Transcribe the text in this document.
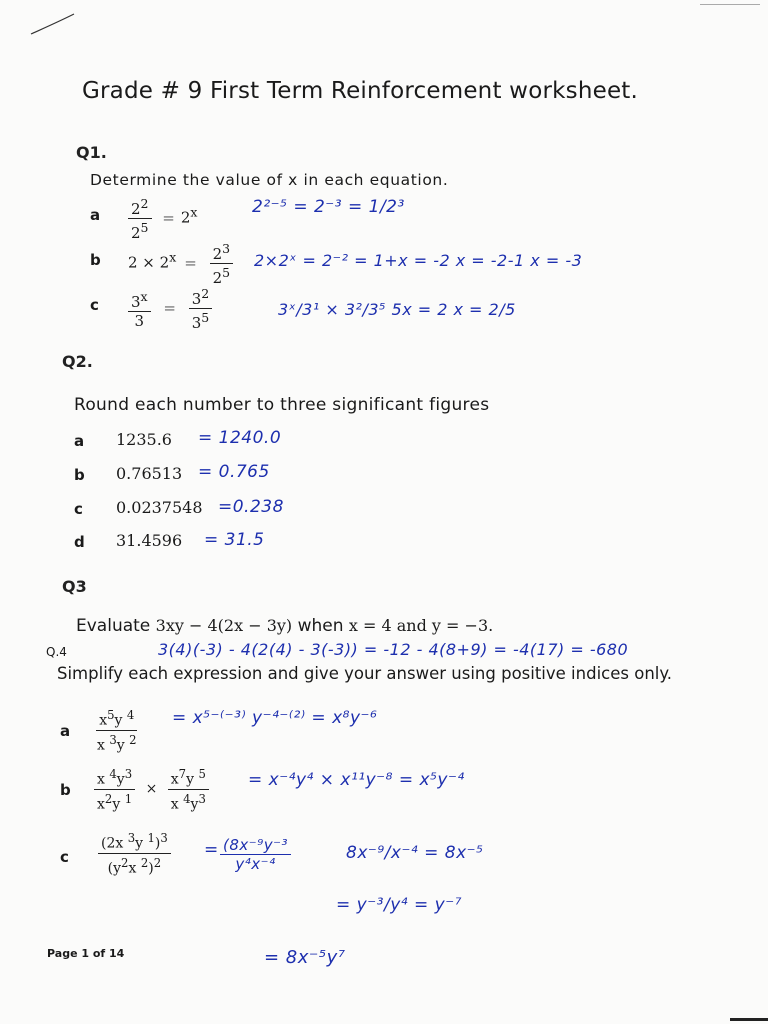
Grade # 9 First Term Reinforcement worksheet.
Q1.
Determine the value of x in each equation.
a $\frac{2^2}{2^5} = 2^x$	2²⁻⁵ = 2⁻³ = 1/2³
b $2 \times 2^x = \frac{2^3}{2^5}$ 2×2ˣ = 2⁻² = 1+x = -2 x = -2-1 x = -3
c $\frac{3^x}{3} = \frac{3^2}{3^5}$	3ˣ/3¹ × 3²/3⁵ 5x = 2 x = 2/5
Q2.
Round each number to three significant figures
a 1235.6 = 1240.0
b 0.76513 = 0.765
c 0.0237548 =0.238
d 31.4596 = 31.5
Q3
Evaluate 3xy − 4(2x − 3y) when x = 4 and y = −3.
Q.4	3(4)(-3) - 4(2(4) - 3(-3)) = -12 - 4(8+9) = -4(17) = -680
Simplify each expression and give your answer using positive indices only.
a $\frac{x^5y ^4}{x ^3y ^2} = x^{5-(-3)}$ y⁻⁴⁻⁽²⁾ = x⁸y⁻⁶
b $\frac{x ^4y^3}{x^2y ^1} \times \frac{x^7y ^5}{x ^4y^3} = x^{-4}y^4 \times x^{11}y^{-8} = x^5y^{-4}$
c $\frac{(2x ^3y ^1)^3}{(y^2x ^2)^2} = \frac{\text{(8x⁻⁹y⁻³}}{\text{y⁴x⁻⁴}}$	8x⁻⁹/x⁻⁴ = 8x⁻⁵
= y⁻³/y⁴ = y⁻⁷
= 8x⁻⁵y⁷
Page 1 of 14
